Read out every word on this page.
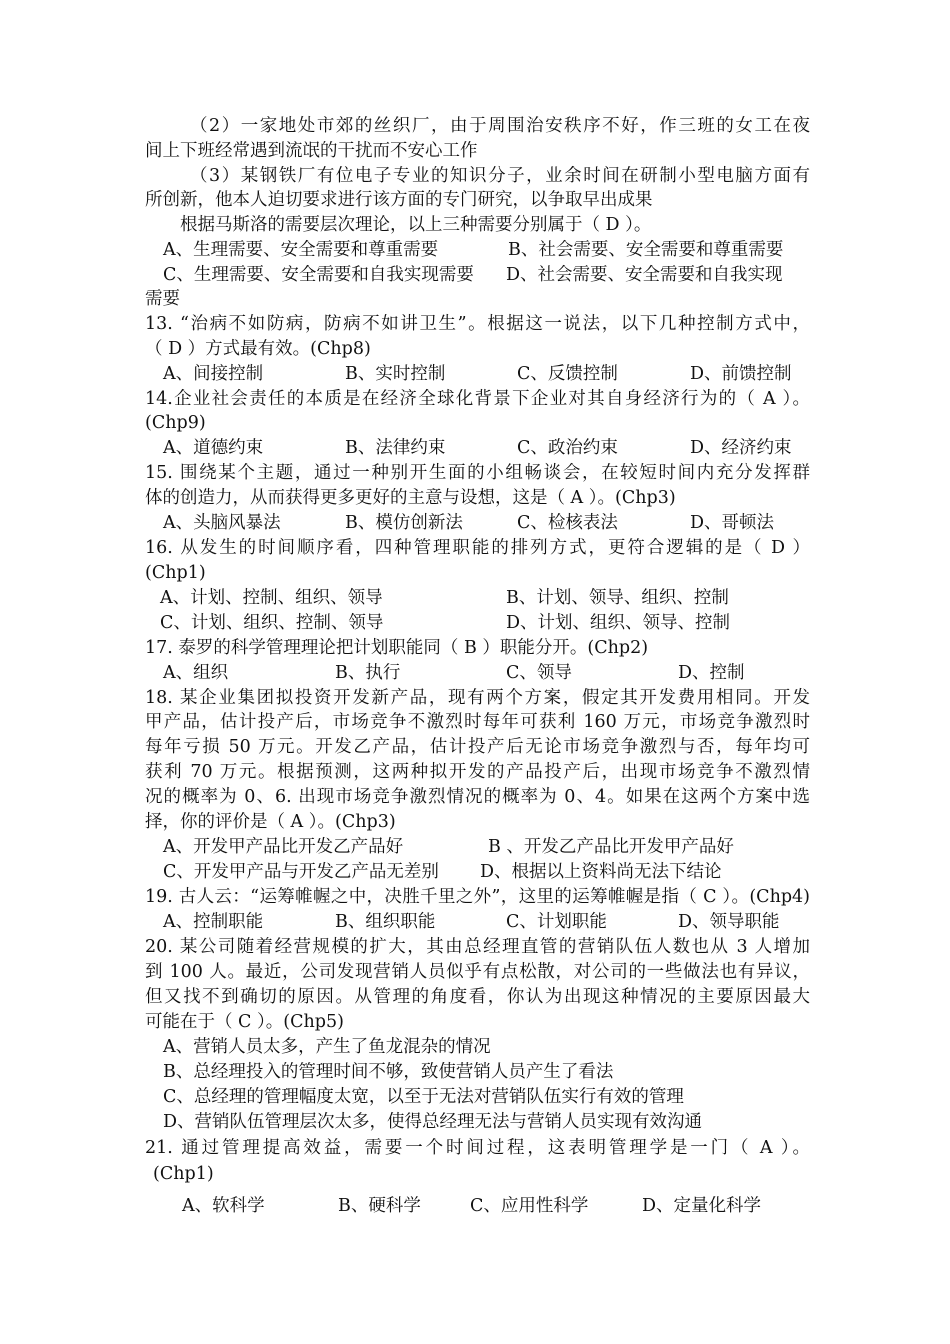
（2）一家地处市郊的丝织厂，由于周围治安秩序不好，作三班的女工在夜
间上下班经常遇到流氓的干扰而不安心工作
（3）某钢铁厂有位电子专业的知识分子，业余时间在研制小型电脑方面有
所创新，他本人迫切要求进行该方面的专门研究，以争取早出成果
根据马斯洛的需要层次理论，以上三种需要分别属于（ D ）。
A、生理需要、安全需要和尊重需要	B、社会需要、安全需要和尊重需要
C、生理需要、安全需要和自我实现需要 D、社会需要、安全需要和自我实现
需要
13. “治病不如防病，防病不如讲卫生”。根据这一说法，以下几种控制方式中，
（ D ）方式最有效。(Chp8)
A、间接控制	B、实时控制	C、反馈控制	D、前馈控制
14.企业社会责任的本质是在经济全球化背景下企业对其自身经济行为的（ A ）。
(Chp9)
A、道德约束	B、法律约束	C、政治约束	D、经济约束
15. 围绕某个主题，通过一种别开生面的小组畅谈会，在较短时间内充分发挥群
体的创造力，从而获得更多更好的主意与设想，这是（ A ）。(Chp3)
A、头脑风暴法	B、模仿创新法	C、检核表法	D、哥顿法
16. 从发生的时间顺序看，四种管理职能的排列方式，更符合逻辑的是（ D ）
(Chp1)
A、计划、控制、组织、领导	B、计划、领导、组织、控制
C、计划、组织、控制、领导	D、计划、组织、领导、控制
17. 泰罗的科学管理理论把计划职能同（ B ）职能分开。(Chp2)
A、组织	B、执行	C、领导	D、控制
18. 某企业集团拟投资开发新产品，现有两个方案，假定其开发费用相同。开发
甲产品，估计投产后，市场竞争不激烈时每年可获利 160 万元，市场竞争激烈时
每年亏损 50 万元。开发乙产品，估计投产后无论市场竞争激烈与否，每年均可
获利 70 万元。根据预测，这两种拟开发的产品投产后，出现市场竞争不激烈情
况的概率为 0、6. 出现市场竞争激烈情况的概率为 0、4。如果在这两个方案中选
择，你的评价是（ A ）。(Chp3)
A、开发甲产品比开发乙产品好	B 、开发乙产品比开发甲产品好
C、开发甲产品与开发乙产品无差别 D、根据以上资料尚无法下结论
19. 古人云：“运筹帷幄之中，决胜千里之外”，这里的运筹帷幄是指（ C ）。(Chp4)
A、控制职能	B、组织职能	C、计划职能	D、领导职能
20. 某公司随着经营规模的扩大，其由总经理直管的营销队伍人数也从 3 人增加
到 100 人。最近，公司发现营销人员似乎有点松散，对公司的一些做法也有异议，
但又找不到确切的原因。从管理的角度看，你认为出现这种情况的主要原因最大
可能在于（ C ）。(Chp5)
A、营销人员太多，产生了鱼龙混杂的情况
B、总经理投入的管理时间不够，致使营销人员产生了看法
C、总经理的管理幅度太宽，以至于无法对营销队伍实行有效的管理
D、营销队伍管理层次太多，使得总经理无法与营销人员实现有效沟通
21. 通过管理提高效益，需要一个时间过程，这表明管理学是一门（ A ）。
(Chp1)
A、软科学	B、硬科学	C、应用性科学	D、定量化科学
